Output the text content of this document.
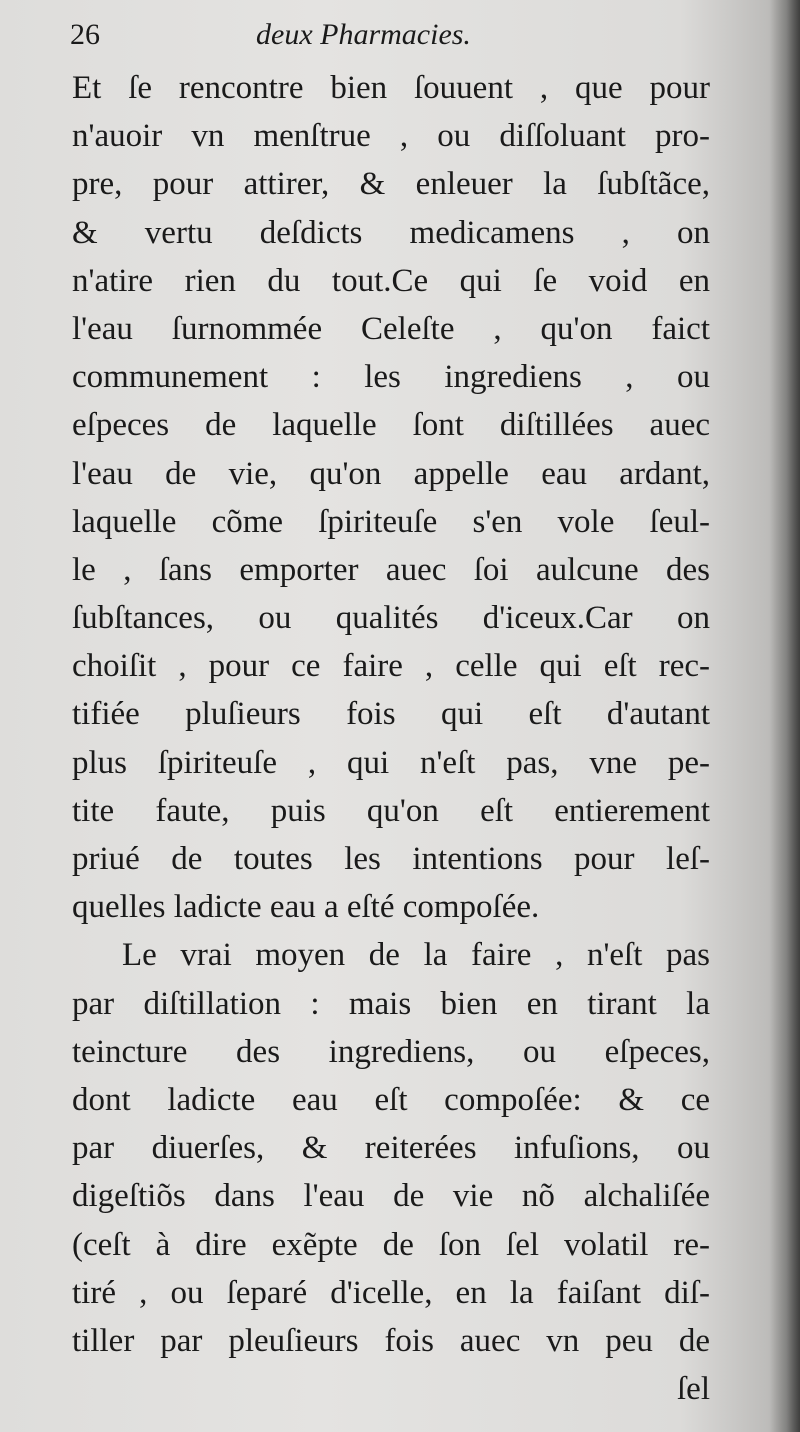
26	deux Pharmacies.
Et ſe rencontre bien ſouuent , que pour
n'auoir vn menſtrue , ou diſſoluant pro-
pre, pour attirer, & enleuer la ſubſtãce,
& vertu deſdicts medicamens , on
n'atire rien du tout.Ce qui ſe void en
l'eau ſurnommée Celeſte , qu'on faict
communement : les ingrediens , ou
eſpeces de laquelle ſont diſtillées auec
l'eau de vie, qu'on appelle eau ardant,
laquelle cõme ſpiriteuſe s'en vole ſeul-
le , ſans emporter auec ſoi aulcune des
ſubſtances, ou qualités d'iceux.Car on
choiſit , pour ce faire , celle qui eſt rec-
tifiée pluſieurs fois qui eſt d'autant
plus ſpiriteuſe , qui n'eſt pas, vne pe-
tite faute, puis qu'on eſt entierement
priué de toutes les intentions pour leſ-
quelles ladicte eau a eſté compoſée.
Le vrai moyen de la faire , n'eſt pas
par diſtillation : mais bien en tirant la
teincture des ingrediens, ou eſpeces,
dont ladicte eau eſt compoſée: & ce
par diuerſes, & reiterées infuſions, ou
digeſtiõs dans l'eau de vie nõ alchaliſée
(ceſt à dire exẽpte de ſon ſel volatil re-
tiré , ou ſeparé d'icelle, en la faiſant diſ-
tiller par pleuſieurs fois auec vn peu de
ſel
